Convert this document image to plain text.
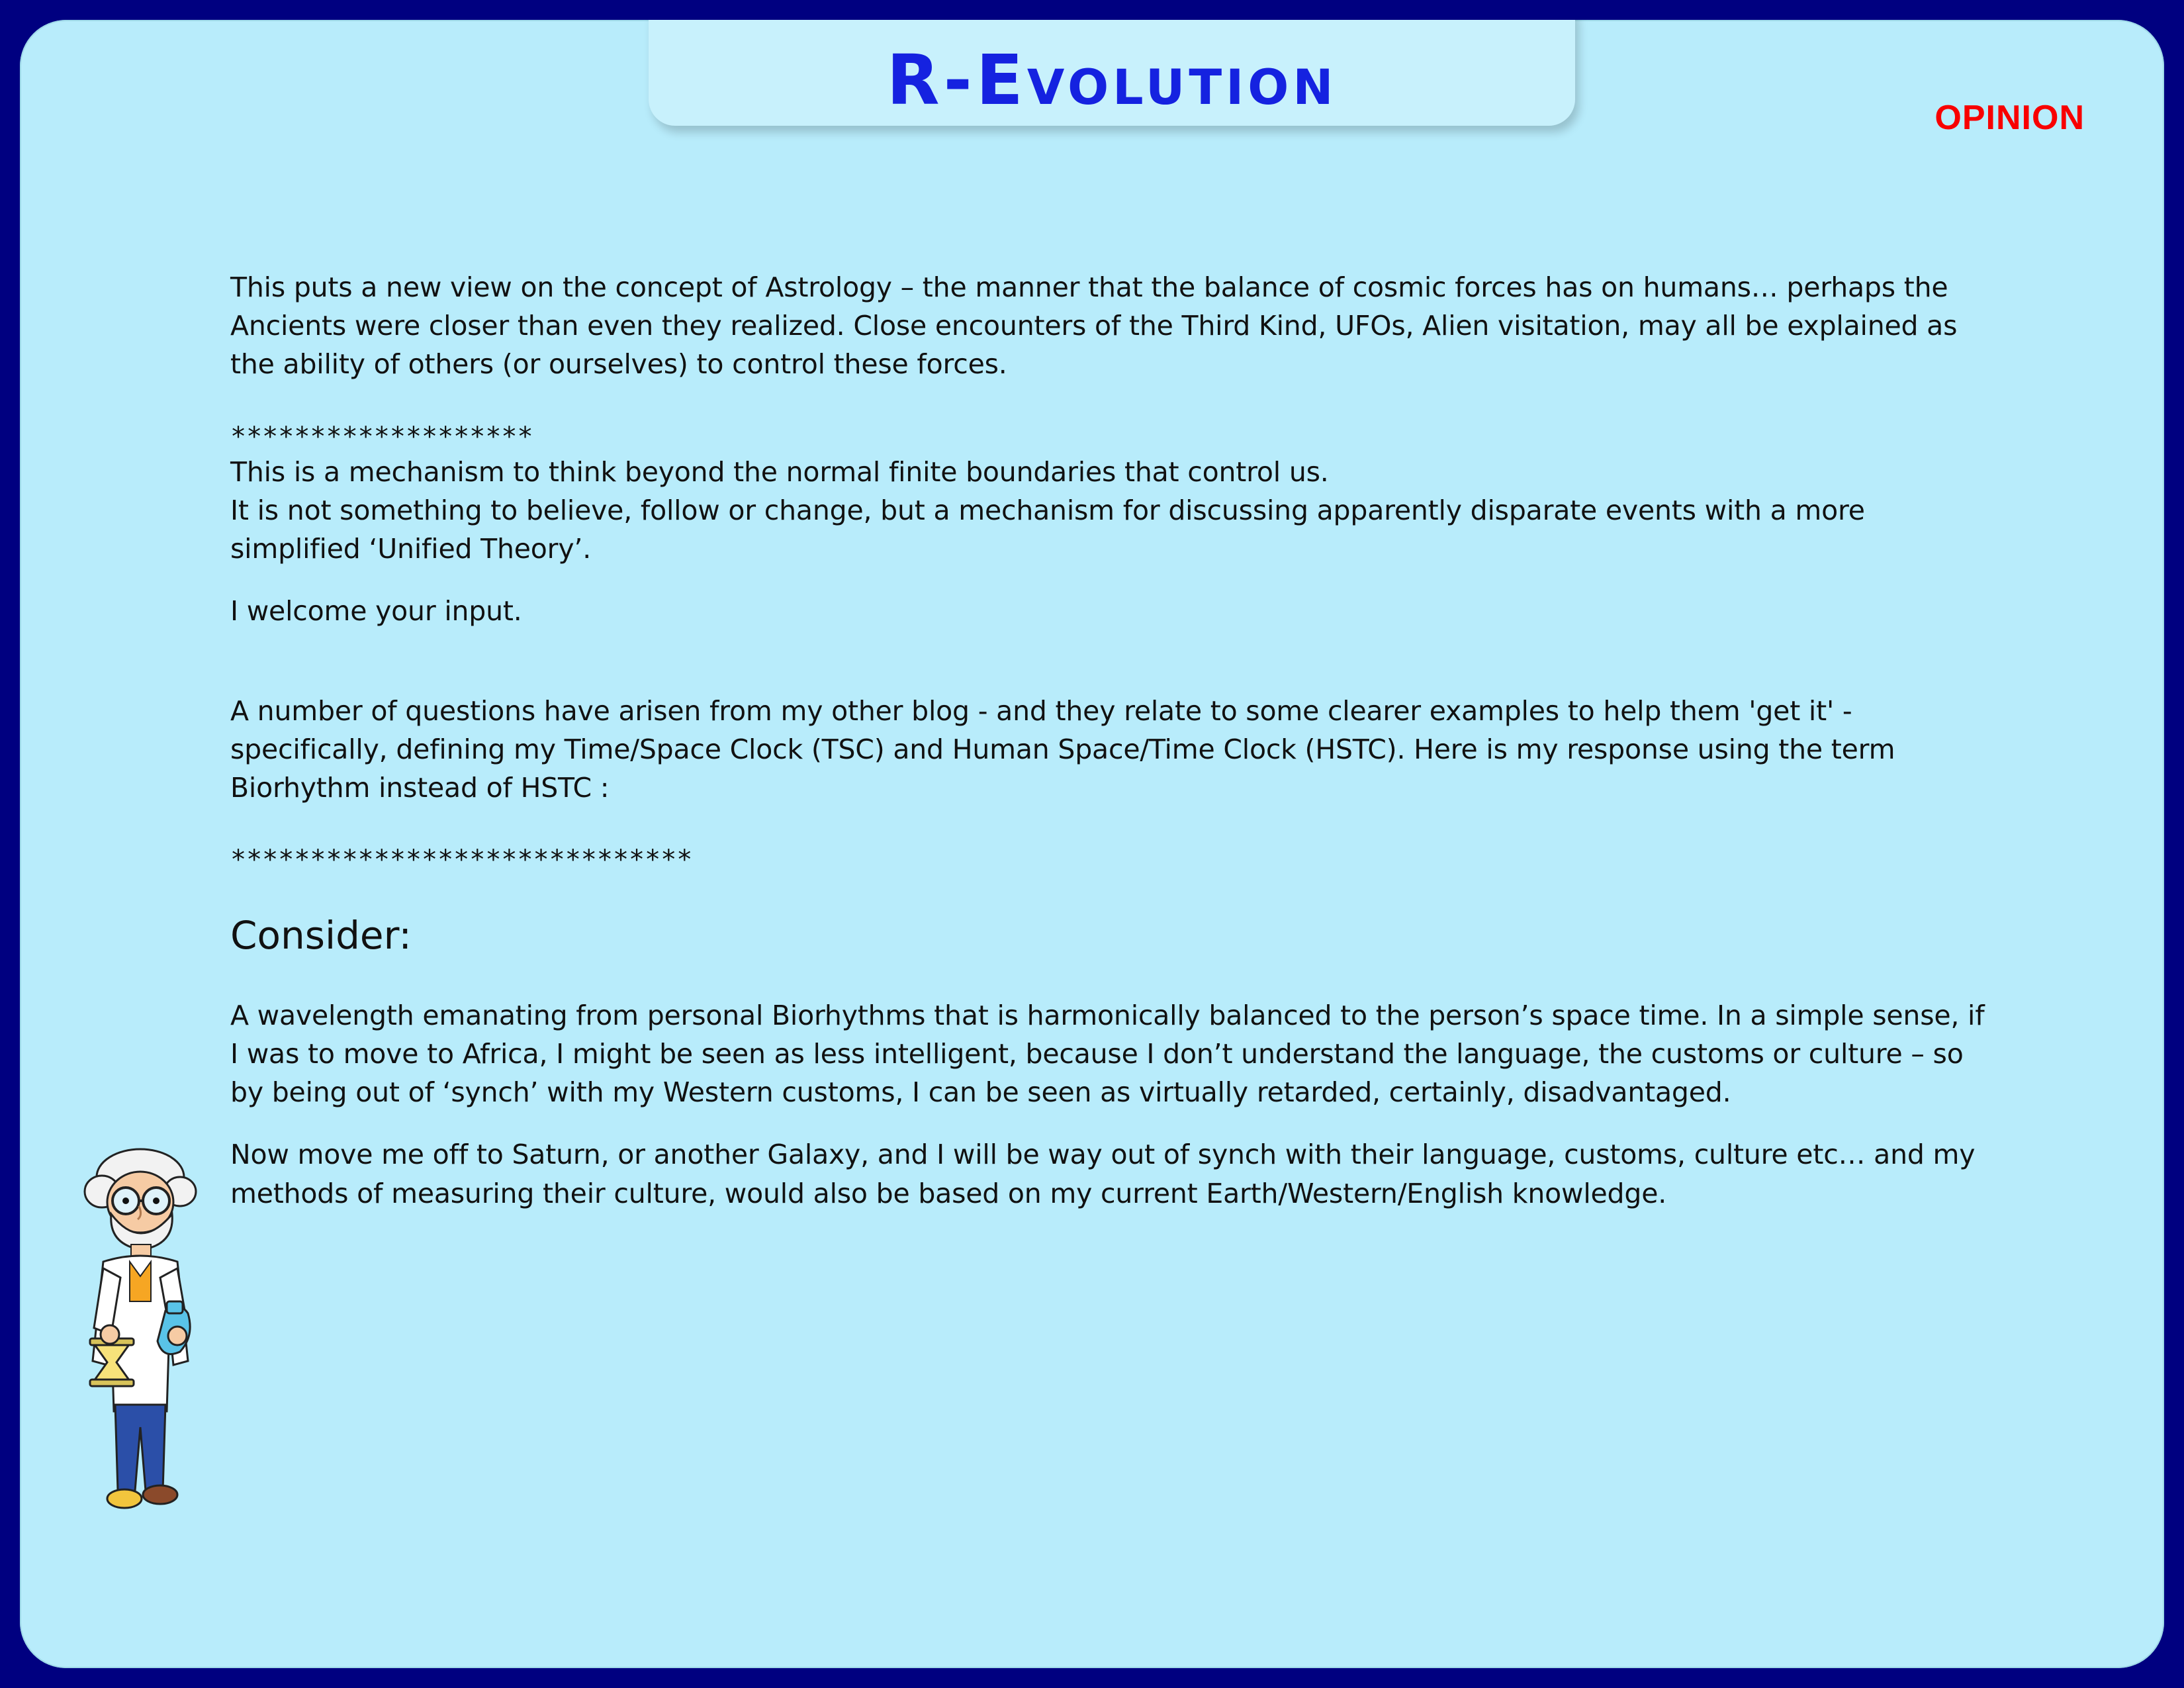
R-Evolution	OPINION

This puts a new view on the concept of Astrology – the manner that the balance of cosmic forces has on humans… perhaps the Ancients were closer than even they realized. Close encounters of the Third Kind, UFOs, Alien visitation, may all be explained as the ability of others (or ourselves) to control these forces.

*******************

This is a mechanism to think beyond the normal finite boundaries that control us.

It is not something to believe, follow or change, but a mechanism for discussing apparently disparate events with a more simplified ‘Unified Theory’.

I welcome your input.

A number of questions have arisen from my other blog - and they relate to some clearer examples to help them 'get it' - specifically, defining my Time/Space Clock (TSC) and Human Space/Time Clock (HSTC). Here is my response using the term Biorhythm instead of HSTC :

*****************************
Consider:

A wavelength emanating from personal Biorhythms that is harmonically balanced to the person’s space time. In a simple sense, if I was to move to Africa, I might be seen as less intelligent, because I don’t understand the language, the customs or culture – so by being out of ‘synch’ with my Western customs, I can be seen as virtually retarded, certainly, disadvantaged.

Now move me off to Saturn, or another Galaxy, and I will be way out of synch with their language, customs, culture etc… and my methods of measuring their culture, would also be based on my current Earth/Western/English knowledge.
